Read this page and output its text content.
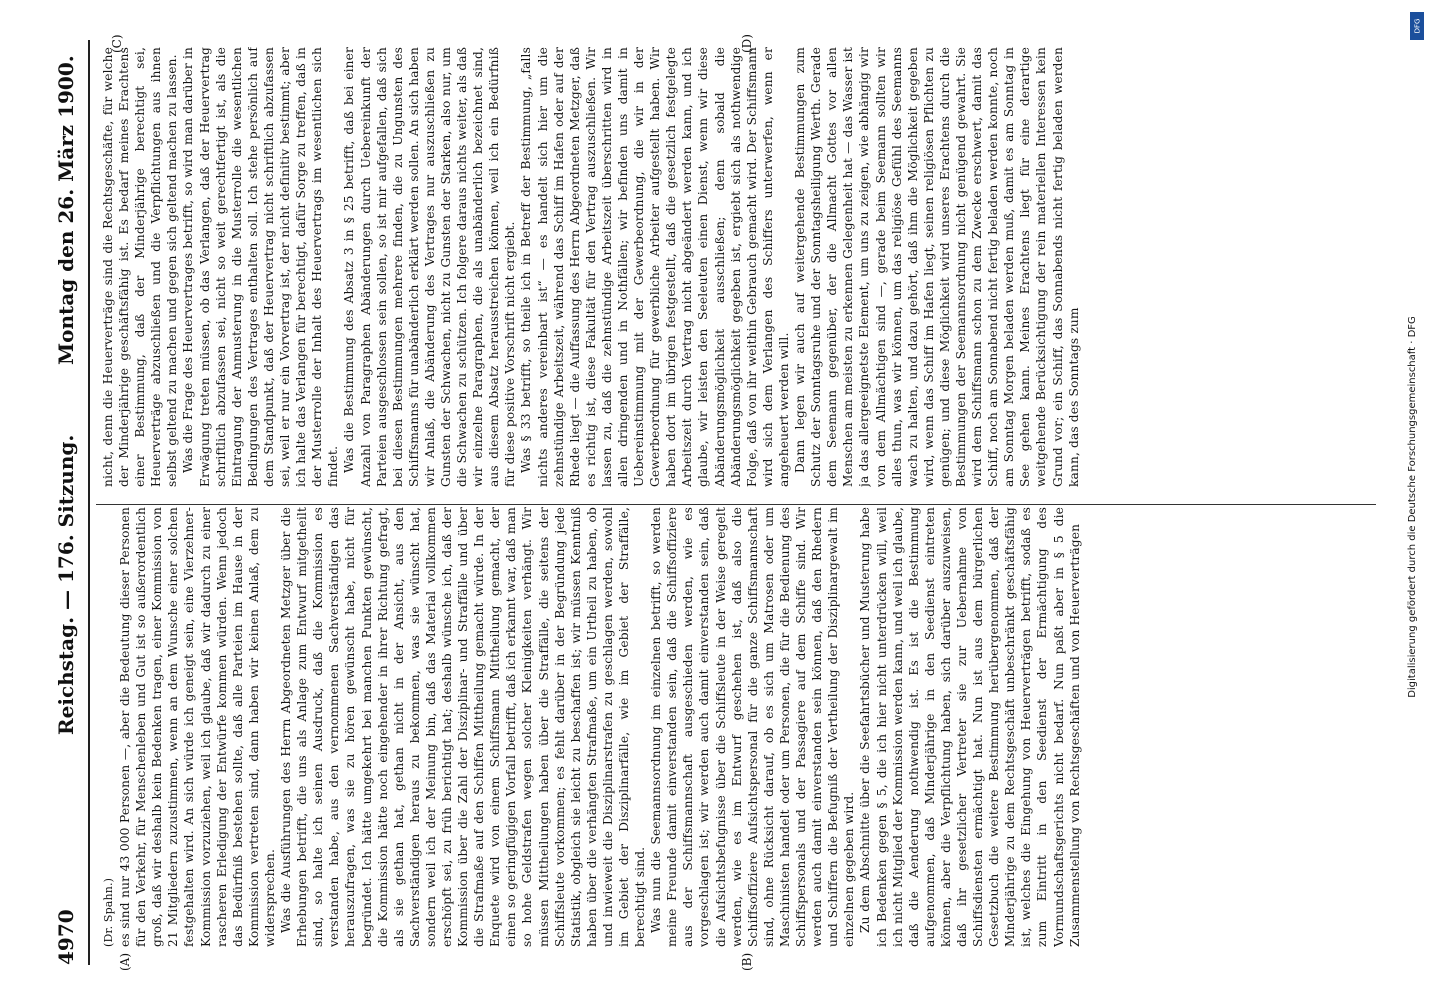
4970
Reichstag. — 176. Sitzung.
Montag den 26. März 1900.
(A)	(B)
(C)	(D)

(Dr. Spahn.) es sind nur 43 000 Personen —, aber die Bedeutung dieser Personen für den Verkehr, für Menschenleben und Gut ist so außerordentlich groß, daß wir deshalb kein Bedenken tragen, einer Kommission von 21 Mitgliedern zuzustimmen, wenn an dem Wunsche einer solchen festgehalten wird. An sich würde ich geneigt sein, eine Vierzehner-Kommission vorzuziehen, weil ich glaube, daß wir dadurch zu einer rascheren Erledigung der Entwürfe kommen würden. Wenn jedoch das Bedürfniß bestehen sollte, daß alle Parteien im Hause in der Kommission vertreten sind, dann haben wir keinen Anlaß, dem zu widersprechen. Was die Ausführungen des Herrn Abgeordneten Metzger über die Erhebungen betrifft, die uns als Anlage zum Entwurf mitgetheilt sind, so halte ich seinen Ausdruck, daß die Kommission es verstanden habe, aus den vernommenen Sachverständigen das herauszufragen, was sie zu hören gewünscht habe, nicht für begründet. Ich hätte umgekehrt bei manchen Punkten gewünscht, die Kommission hätte noch eingehender in ihrer Richtung gefragt, als sie gethan hat, gethan nicht in der Ansicht, aus den Sachverständigen heraus zu bekommen, was sie wünscht hat, sondern weil ich der Meinung bin, daß das Material vollkommen erschöpft sei, zu früh berichtigt hat; deshalb wünsche ich, daß der Kommission über die Zahl der Disziplinar- und Straffälle und über die Strafmaße auf den Schiffen Mittheilung gemacht würde. In der Enquete wird von einem Schiffsmann Mittheilung gemacht, der einen so geringfügigen Vorfall betrifft, daß ich erkannt war, daß man so hohe Geldstrafen wegen solcher Kleinigkeiten verhängt. Wir müssen Mittheilungen haben über die Straffälle, die seitens der Schiffsleute vorkommen; es fehlt darüber in der Begründung jede Statistik, obgleich sie leicht zu beschaffen ist; wir müssen Kenntniß haben über die verhängten Strafmaße, um ein Urtheil zu haben, ob und inwieweit die Disziplinarstrafen zu geschlagen werden, sowohl im Gebiet der Disziplinarfälle, wie im Gebiet der Straffälle, berechtigt sind. Was nun die Seemannsordnung im einzelnen betrifft, so werden meine Freunde damit einverstanden sein, daß die Schiffsoffiziere aus der Schiffsmannschaft ausgeschieden werden, wie es vorgeschlagen ist; wir werden auch damit einverstanden sein, daß die Aufsichtsbefugnisse über die Schiffsleute in der Weise geregelt werden, wie es im Entwurf geschehen ist, daß also die Schiffsoffiziere Aufsichtspersonal für die ganze Schiffsmannschaft sind, ohne Rücksicht darauf, ob es sich um Matrosen oder um Maschinisten handelt oder um Personen, die für die Bedienung des Schiffspersonals und der Passagiere auf dem Schiffe sind. Wir werden auch damit einverstanden sein können, daß den Rhedern und Schiffern die Befugniß der Vertheilung der Disziplinargewalt im einzelnen gegeben wird. Zu dem Abschnitte über die Seefahrtsbücher und Musterung habe ich Bedenken gegen § 5, die ich hier nicht unterdrücken will, weil ich nicht Mitglied der Kommission werden kann, und weil ich glaube, daß die Aenderung nothwendig ist. Es ist die Bestimmung aufgenommen, daß Minderjährige in den Seedienst eintreten können, aber die Verpflichtung haben, sich darüber auszuweisen, daß ihr gesetzlicher Vertreter sie zur Uebernahme von Schiffsdiensten ermächtigt hat. Nun ist aus dem bürgerlichen Gesetzbuch die weitere Bestimmung herübergenommen, daß der Minderjährige zu dem Rechtsgeschäft unbeschränkt geschäftsfähig ist, welches die Eingehung von Heuerverträgen betrifft, sodaß es zum Eintritt in den Seedienst der Ermächtigung des Vormundschaftsgerichts nicht bedarf. Nun paßt aber in § 5 die Zusammenstellung von Rechtsgeschäften und von Heuerverträgen

nicht, denn die Heuerverträge sind die Rechtsgeschäfte, für welche der Minderjährige geschäftsfähig ist. Es bedarf meines Erachtens einer Bestimmung, daß der Minderjährige berechtigt sei, Heuerverträge abzuschließen und die Verpflichtungen aus ihnen selbst geltend zu machen und gegen sich geltend machen zu lassen. Was die Frage des Heuervertrages betrifft, so wird man darüber in Erwägung treten müssen, ob das Verlangen, daß der Heuervertrag schriftlich abzufassen sei, nicht so weit gerechtfertigt ist, als die Eintragung der Anmusterung in die Musterrolle die wesentlichen Bedingungen des Vertrages enthalten soll. Ich stehe persönlich auf dem Standpunkt, daß der Heuervertrag nicht schriftlich abzufassen sei, weil er nur ein Vorvertrag ist, der nicht definitiv bestimmt; aber ich halte das Verlangen für berechtigt, dafür Sorge zu treffen, daß in der Musterrolle der Inhalt des Heuervertrags im wesentlichen sich findet. Was die Bestimmung des Absatz 3 in § 25 betrifft, daß bei einer Anzahl von Paragraphen Abänderungen durch Uebereinkunft der Parteien ausgeschlossen sein sollen, so ist mir aufgefallen, daß sich bei diesen Bestimmungen mehrere finden, die zu Ungunsten des Schiffsmanns für unabänderlich erklärt werden sollen. An sich haben wir Anlaß, die Abänderung des Vertrages nur auszuschließen zu Gunsten der Schwachen, nicht zu Gunsten der Starken, also nur, um die Schwachen zu schützen. Ich folgere daraus nichts weiter, als daß wir einzelne Paragraphen, die als unabänderlich bezeichnet sind, aus diesem Absatz herausstreichen können, weil ich ein Bedürfniß für diese positive Vorschrift nicht ergiebt. Was § 33 betrifft, so theile ich in Betreff der Bestimmung, „falls nichts anderes vereinbart ist“ — es handelt sich hier um die zehnstündige Arbeitszeit, während das Schiff im Hafen oder auf der Rhede liegt — die Auffassung des Herrn Abgeordneten Metzger, daß es richtig ist, diese Fakultät für den Vertrag auszuschließen. Wir lassen zu, daß die zehnstündige Arbeitszeit überschritten wird in allen dringenden und in Nothfällen; wir befinden uns damit in Uebereinstimmung mit der Gewerbeordnung, die wir in der Gewerbeordnung für gewerbliche Arbeiter aufgestellt haben. Wir haben dort im übrigen festgestellt, daß die gesetzlich festgelegte Arbeitszeit durch Vertrag nicht abgeändert werden kann, und ich glaube, wir leisten den Seeleuten einen Dienst, wenn wir diese Abänderungsmöglichkeit ausschließen; denn sobald die Abänderungsmöglichkeit gegeben ist, ergiebt sich als nothwendige Folge, daß von ihr weithin Gebrauch gemacht wird. Der Schiffsmann wird sich dem Verlangen des Schiffers unterwerfen, wenn er angeheuert werden will. Dann legen wir auch auf weitergehende Bestimmungen zum Schutz der Sonntagsruhe und der Sonntagsheiligung Werth. Gerade dem Seemann gegenüber, der die Allmacht Gottes vor allen Menschen am meisten zu erkennen Gelegenheit hat — das Wasser ist ja das allergeeignetste Element, um uns zu zeigen, wie abhängig wir von dem Allmächtigen sind —, gerade beim Seemann sollten wir alles thun, was wir können, um das religiöse Gefühl des Seemanns wach zu halten, und dazu gehört, daß ihm die Möglichkeit gegeben wird, wenn das Schiff im Hafen liegt, seinen religiösen Pflichten zu genügen; und diese Möglichkeit wird unseres Erachtens durch die Bestimmungen der Seemannsordnung nicht genügend gewahrt. Sie wird dem Schiffsmann schon zu dem Zwecke erschwert, damit das Schiff, noch am Sonnabend nicht fertig beladen werden konnte, noch am Sonntag Morgen beladen werden muß, damit es am Sonntag in See gehen kann. Meines Erachtens liegt für eine derartige weitgehende Berücksichtigung der rein materiellen Interessen kein Grund vor; ein Schiff, das Sonnabends nicht fertig beladen werden kann, das des Sonntags zum

DFG
Digitalisierung gefördert durch die Deutsche Forschungsgemeinschaft · DFG
